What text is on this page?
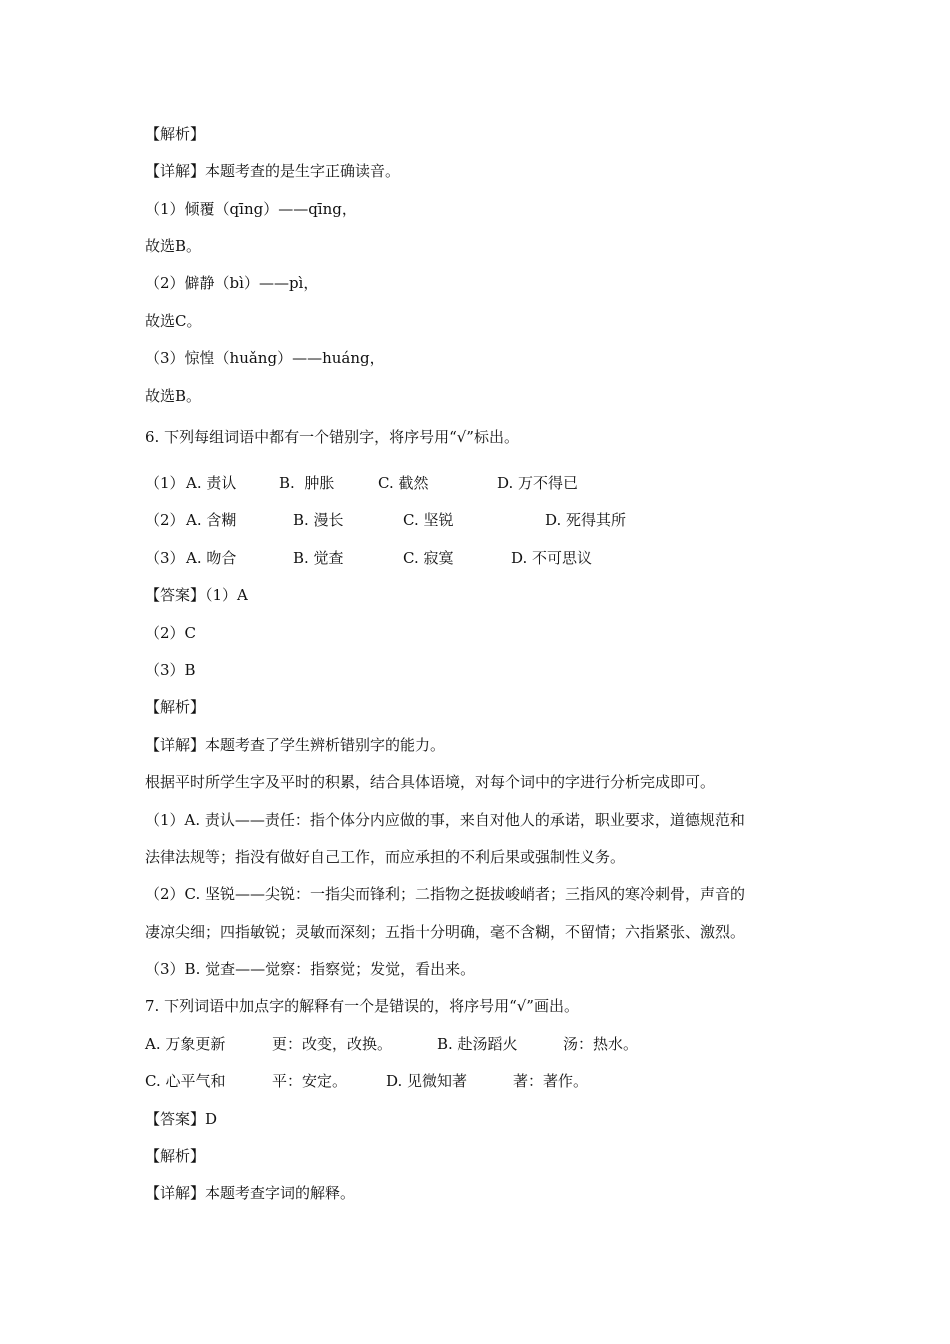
【解析】
【详解】本题考查的是生字正确读音。
（1）倾覆（qīng）——qīng，
故选B。
（2）僻静（bì）——pì，
故选C。
（3）惊惶（huǎng）——huáng，
故选B。
6. 下列每组词语中都有一个错别字，将序号用“√”标出。
（1） A. 责认	B.  肿胀	C. 截然	D. 万不得已
（2） A. 含糊	B. 漫长	C. 坚锐	D. 死得其所
（3） A. 吻合	B. 觉查	C. 寂寞	D. 不可思议
【答案】（1）A
（2）C
（3）B
【解析】
【详解】本题考查了学生辨析错别字的能力。
根据平时所学生字及平时的积累，结合具体语境，对每个词中的字进行分析完成即可。
（1）A. 责认——责任：指个体分内应做的事，来自对他人的承诺，职业要求，道德规范和
法律法规等；指没有做好自己工作，而应承担的不利后果或强制性义务。
（2）C. 坚锐——尖锐：一指尖而锋利；二指物之挺拔峻峭者；三指风的寒冷刺骨，声音的
凄凉尖细；四指敏锐；灵敏而深刻；五指十分明确，毫不含糊，不留情；六指紧张、激烈。
（3）B. 觉查——觉察：指察觉；发觉，看出来。
7. 下列词语中加点字的解释有一个是错误的，将序号用“√”画出。
A. 万象更新	更：改变，改换。	B. 赴汤蹈火	汤：热水。
C. 心平气和	平：安定。	D. 见微知著	著：著作。
【答案】D
【解析】
【详解】本题考查字词的解释。
